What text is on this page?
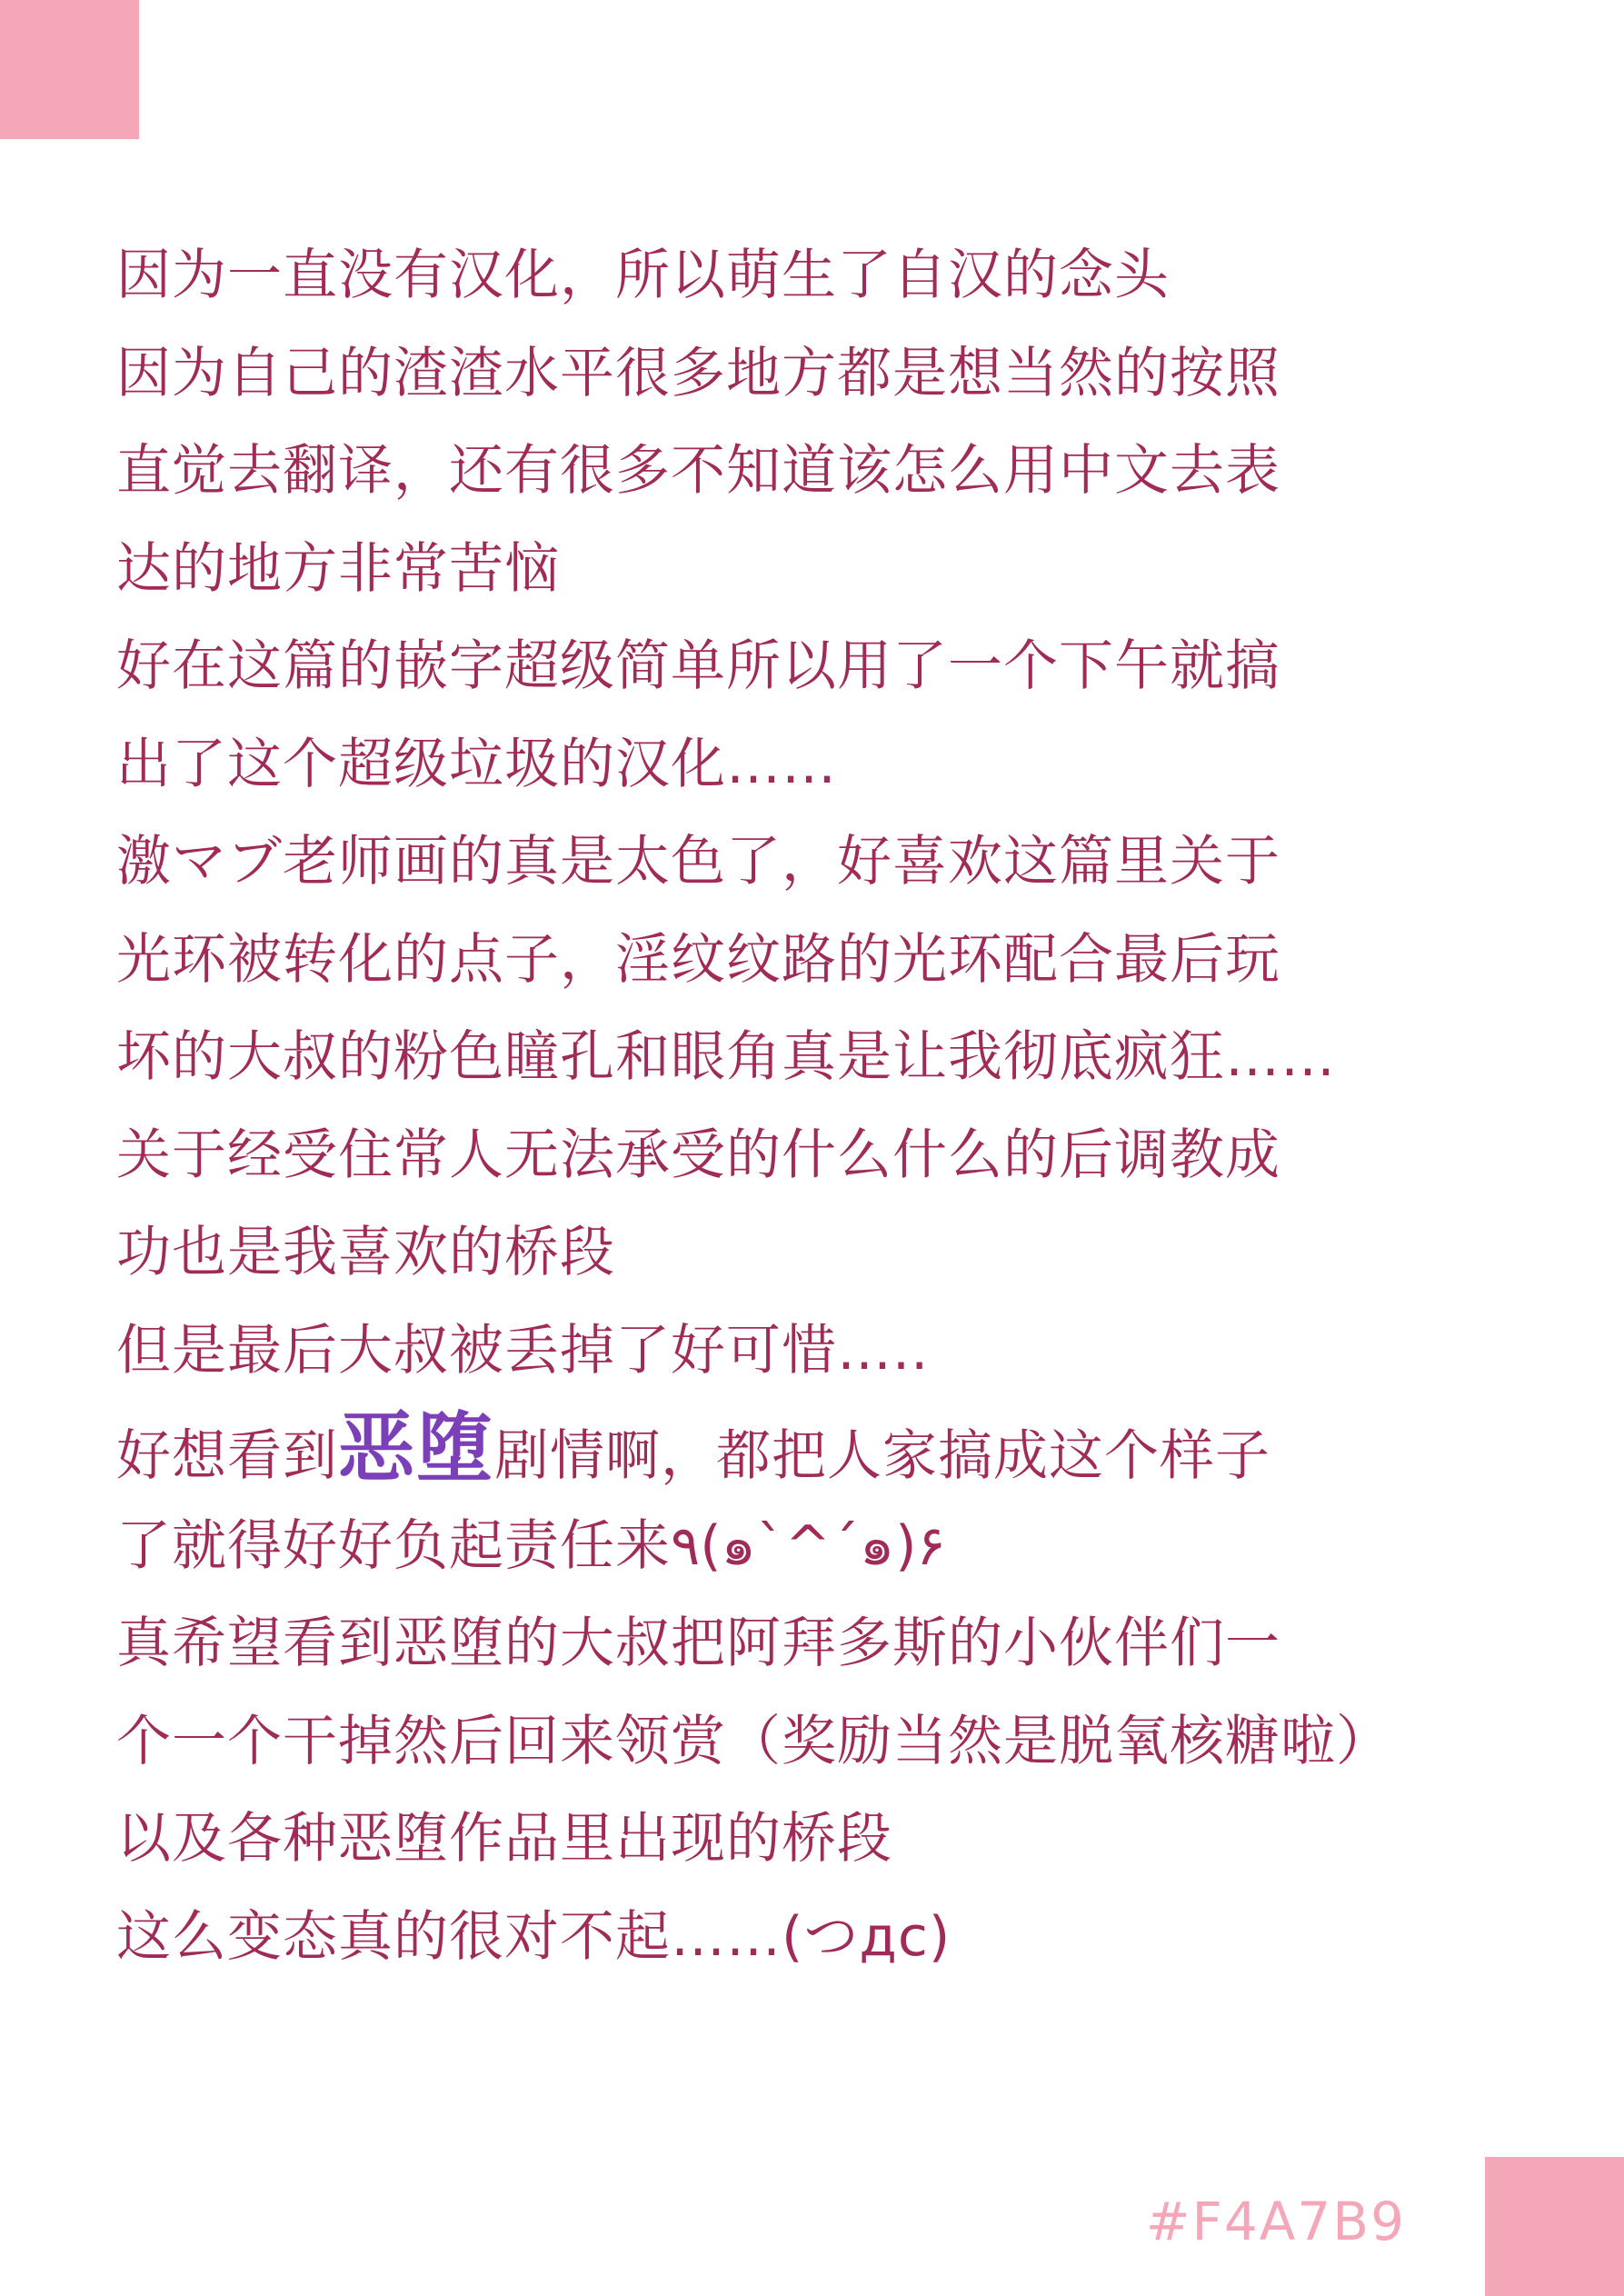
因为一直没有汉化，所以萌生了自汉的念头
因为自己的渣渣水平很多地方都是想当然的按照
直觉去翻译，还有很多不知道该怎么用中文去表
达的地方非常苦恼
好在这篇的嵌字超级简单所以用了一个下午就搞
出了这个超级垃圾的汉化……
激マブ老师画的真是太色了，好喜欢这篇里关于
光环被转化的点子，淫纹纹路的光环配合最后玩
坏的大叔的粉色瞳孔和眼角真是让我彻底疯狂……
关于经受住常人无法承受的什么什么的后调教成
功也是我喜欢的桥段
但是最后大叔被丢掉了好可惜…..
好想看到恶堕剧情啊，都把人家搞成这个样子
了就得好好负起责任来٩(๑`^´๑)۶
真希望看到恶堕的大叔把阿拜多斯的小伙伴们一
个一个干掉然后回来领赏（奖励当然是脱氧核糖啦）
以及各种恶堕作品里出现的桥段
这么变态真的很对不起……(つдc)
#F4A7B9
